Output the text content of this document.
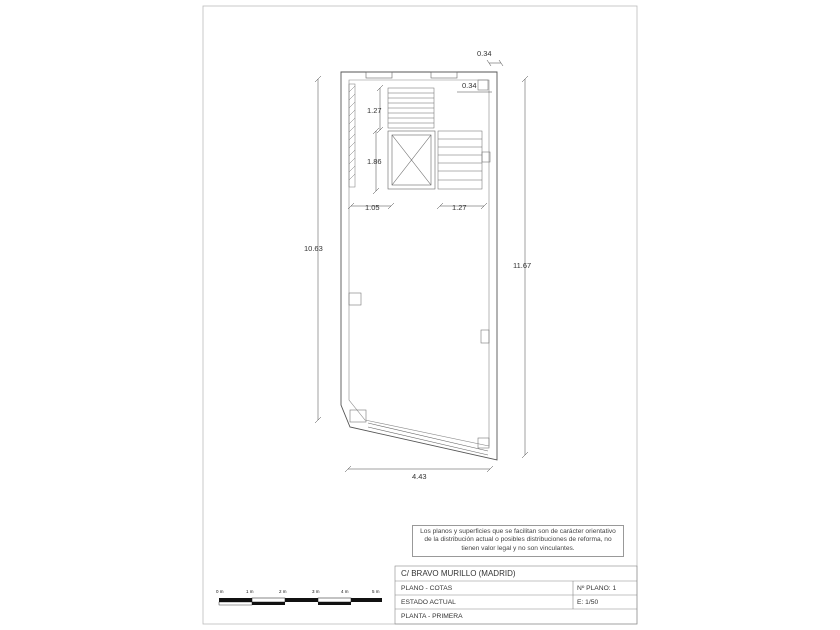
0.34
0.34
1.27
1.86
1.05	1.27
10.63
11.67
4.43
0 m	1 m	2 m	3 m	4 m	5 m
Los planos y superficies que se facilitan son de carácter orientativo de la distribución actual o posibles distribuciones de reforma, no tienen valor legal y no son vinculantes.
C/ BRAVO MURILLO (MADRID)
PLANO - COTAS	Nº PLANO: 1
ESTADO ACTUAL	E: 1/50
PLANTA - PRIMERA
